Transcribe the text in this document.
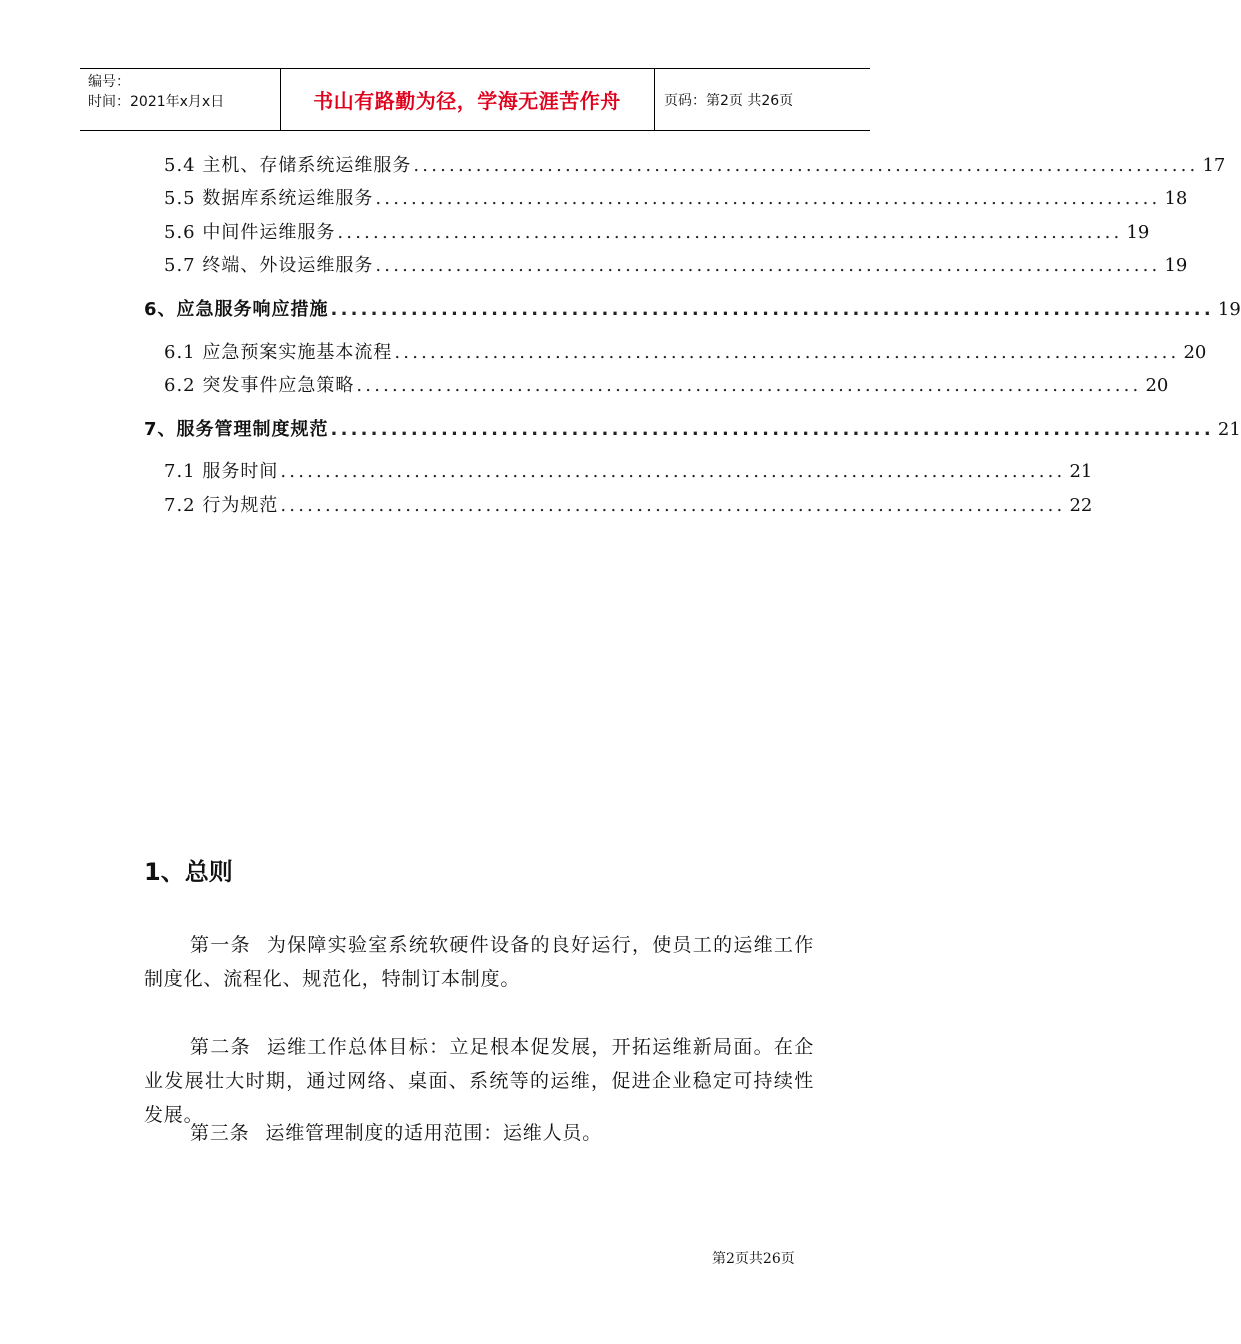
编号：
时间：2021年x月x日	书山有路勤为径，学海无涯苦作舟	页码：第2页 共26页
5.4 主机、存储系统运维服务 ........................................................................................ 17
5.5 数据库系统运维服务 ........................................................................................ 18
5.6 中间件运维服务 ........................................................................................ 19
5.7 终端、外设运维服务 ........................................................................................ 19
6、应急服务响应措施 ........................................................................................ 19
6.1 应急预案实施基本流程 ........................................................................................ 20
6.2 突发事件应急策略 ........................................................................................ 20
7、服务管理制度规范 ........................................................................................ 21
7.1 服务时间 ........................................................................................ 21
7.2 行为规范 ........................................................................................ 22
1、总则
第一条 为保障实验室系统软硬件设备的良好运行，使员工的运维工作制度化、流程化、规范化，特制订本制度。
第二条 运维工作总体目标：立足根本促发展，开拓运维新局面。在企业发展壮大时期，通过网络、桌面、系统等的运维，促进企业稳定可持续性发展。
第三条 运维管理制度的适用范围：运维人员。
第2页共26页
